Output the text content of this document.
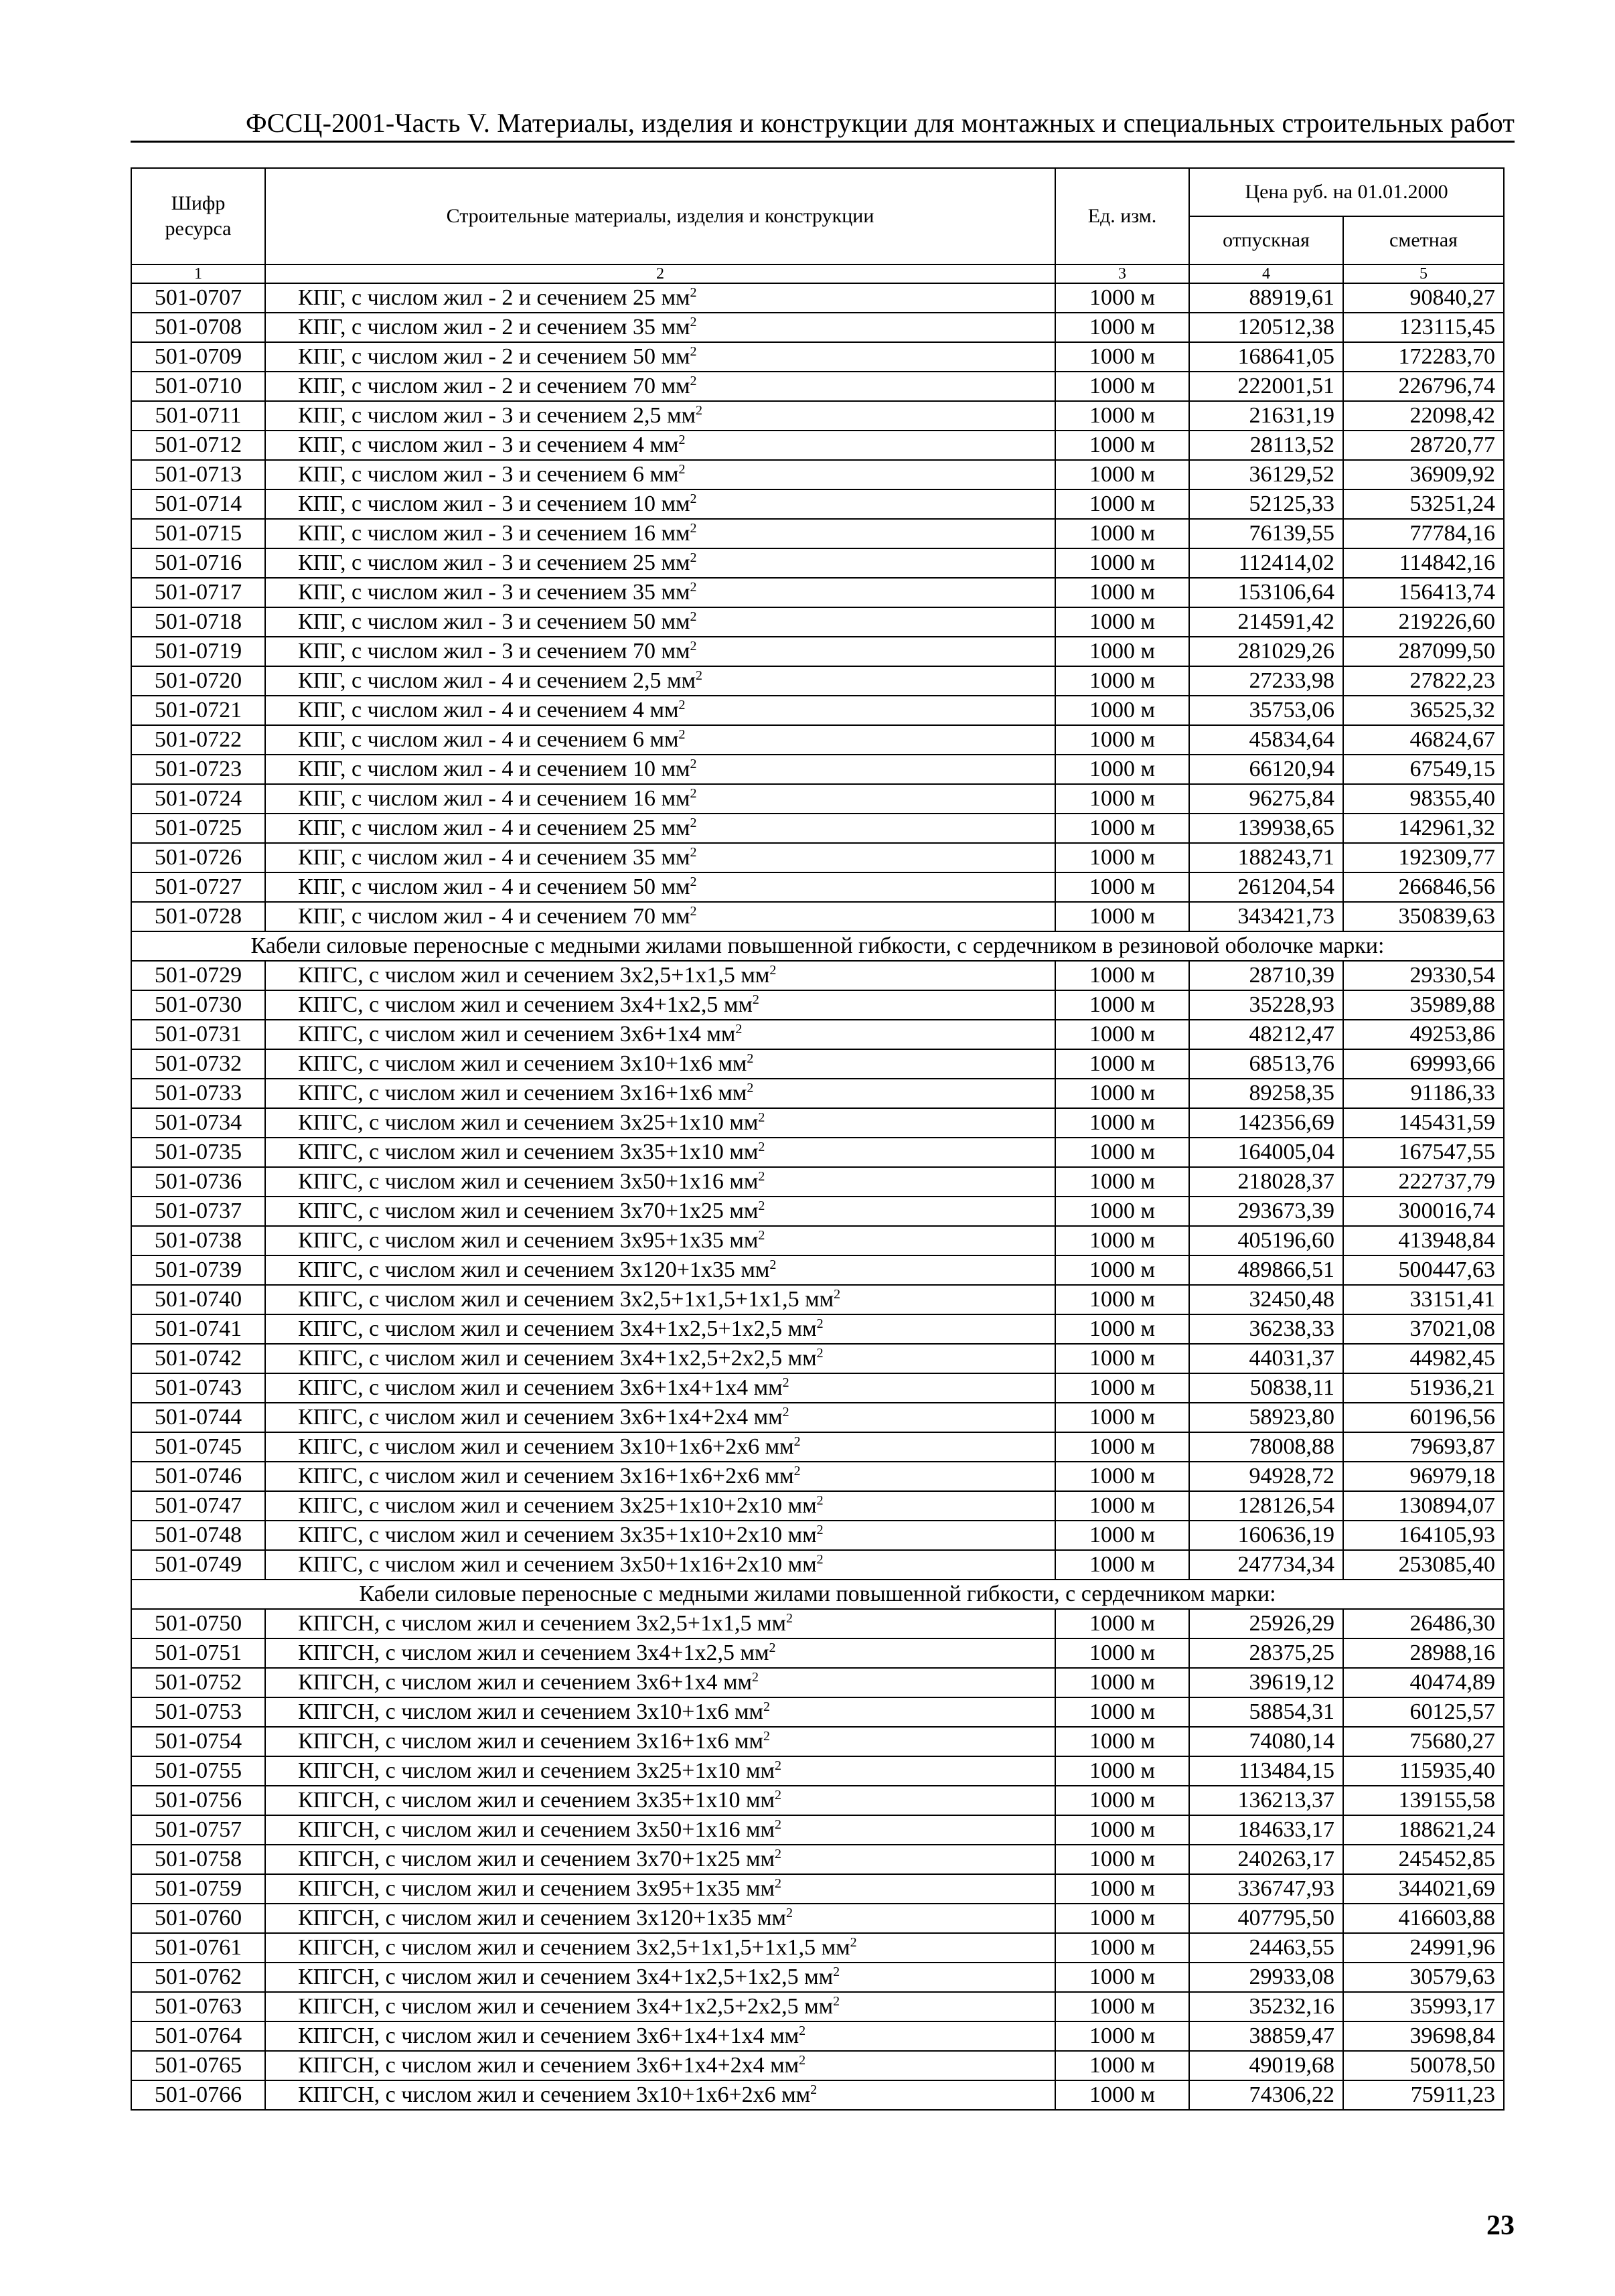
ФССЦ-2001-Часть V. Материалы, изделия и конструкции для монтажных и специальных строительных работ
Шифр ресурса	Строительные материалы, изделия и конструкции	Ед. изм.	Цена руб. на 01.01.2000	
			отпускная	сметная
1	2	3	4	5
501-0707	КПГ, с числом жил - 2 и сечением 25 $мм^2$	1000 м	88919,61	90840,27
501-0708	КПГ, с числом жил - 2 и сечением 35 $мм^2$	1000 м	120512,38	123115,45
501-0709	КПГ, с числом жил - 2 и сечением 50 $мм^2$	1000 м	168641,05	172283,70
501-0710	КПГ, с числом жил - 2 и сечением 70 $мм^2$	1000 м	222001,51	226796,74
501-0711	КПГ, с числом жил - 3 и сечением 2,5 $мм^2$	1000 м	21631,19	22098,42
501-0712	КПГ, с числом жил - 3 и сечением 4 $мм^2$	1000 м	28113,52	28720,77
501-0713	КПГ, с числом жил - 3 и сечением 6 $мм^2$	1000 м	36129,52	36909,92
501-0714	КПГ, с числом жил - 3 и сечением 10 $мм^2$	1000 м	52125,33	53251,24
501-0715	КПГ, с числом жил - 3 и сечением 16 $мм^2$	1000 м	76139,55	77784,16
501-0716	КПГ, с числом жил - 3 и сечением 25 $мм^2$	1000 м	112414,02	114842,16
501-0717	КПГ, с числом жил - 3 и сечением 35 $мм^2$	1000 м	153106,64	156413,74
501-0718	КПГ, с числом жил - 3 и сечением 50 $мм^2$	1000 м	214591,42	219226,60
501-0719	КПГ, с числом жил - 3 и сечением 70 $мм^2$	1000 м	281029,26	287099,50
501-0720	КПГ, с числом жил - 4 и сечением 2,5 $мм^2$	1000 м	27233,98	27822,23
501-0721	КПГ, с числом жил - 4 и сечением 4 $мм^2$	1000 м	35753,06	36525,32
501-0722	КПГ, с числом жил - 4 и сечением 6 $мм^2$	1000 м	45834,64	46824,67
501-0723	КПГ, с числом жил - 4 и сечением 10 $мм^2$	1000 м	66120,94	67549,15
501-0724	КПГ, с числом жил - 4 и сечением 16 $мм^2$	1000 м	96275,84	98355,40
501-0725	КПГ, с числом жил - 4 и сечением 25 $мм^2$	1000 м	139938,65	142961,32
501-0726	КПГ, с числом жил - 4 и сечением 35 $мм^2$	1000 м	188243,71	192309,77
501-0727	КПГ, с числом жил - 4 и сечением 50 $мм^2$	1000 м	261204,54	266846,56
501-0728	КПГ, с числом жил - 4 и сечением 70 $мм^2$	1000 м	343421,73	350839,63
Кабели силовые переносные с медными жилами повышенной гибкости, с сердечником в резиновой оболочке марки:				
501-0729	КПГС, с числом жил и сечением 3х2,5+1х1,5 $мм^2$	1000 м	28710,39	29330,54
501-0730	КПГС, с числом жил и сечением 3х4+1х2,5 $мм^2$	1000 м	35228,93	35989,88
501-0731	КПГС, с числом жил и сечением 3х6+1х4 $мм^2$	1000 м	48212,47	49253,86
501-0732	КПГС, с числом жил и сечением 3х10+1х6 $мм^2$	1000 м	68513,76	69993,66
501-0733	КПГС, с числом жил и сечением 3х16+1х6 $мм^2$	1000 м	89258,35	91186,33
501-0734	КПГС, с числом жил и сечением 3х25+1х10 $мм^2$	1000 м	142356,69	145431,59
501-0735	КПГС, с числом жил и сечением 3х35+1х10 $мм^2$	1000 м	164005,04	167547,55
501-0736	КПГС, с числом жил и сечением 3х50+1х16 $мм^2$	1000 м	218028,37	222737,79
501-0737	КПГС, с числом жил и сечением 3х70+1х25 $мм^2$	1000 м	293673,39	300016,74
501-0738	КПГС, с числом жил и сечением 3х95+1х35 $мм^2$	1000 м	405196,60	413948,84
501-0739	КПГС, с числом жил и сечением 3х120+1х35 $мм^2$	1000 м	489866,51	500447,63
501-0740	КПГС, с числом жил и сечением 3х2,5+1х1,5+1х1,5 $мм^2$	1000 м	32450,48	33151,41
501-0741	КПГС, с числом жил и сечением 3х4+1х2,5+1х2,5 $мм^2$	1000 м	36238,33	37021,08
501-0742	КПГС, с числом жил и сечением 3х4+1х2,5+2х2,5 $мм^2$	1000 м	44031,37	44982,45
501-0743	КПГС, с числом жил и сечением 3х6+1х4+1х4 $мм^2$	1000 м	50838,11	51936,21
501-0744	КПГС, с числом жил и сечением 3х6+1х4+2х4 $мм^2$	1000 м	58923,80	60196,56
501-0745	КПГС, с числом жил и сечением 3х10+1х6+2х6 $мм^2$	1000 м	78008,88	79693,87
501-0746	КПГС, с числом жил и сечением 3х16+1х6+2х6 $мм^2$	1000 м	94928,72	96979,18
501-0747	КПГС, с числом жил и сечением 3х25+1х10+2х10 $мм^2$	1000 м	128126,54	130894,07
501-0748	КПГС, с числом жил и сечением 3х35+1х10+2х10 $мм^2$	1000 м	160636,19	164105,93
501-0749	КПГС, с числом жил и сечением 3х50+1х16+2х10 $мм^2$	1000 м	247734,34	253085,40
Кабели силовые переносные с медными жилами повышенной гибкости, с сердечником марки:				
501-0750	КПГСН, с числом жил и сечением 3х2,5+1х1,5 $мм^2$	1000 м	25926,29	26486,30
501-0751	КПГСН, с числом жил и сечением 3х4+1х2,5 $мм^2$	1000 м	28375,25	28988,16
501-0752	КПГСН, с числом жил и сечением 3х6+1х4 $мм^2$	1000 м	39619,12	40474,89
501-0753	КПГСН, с числом жил и сечением 3х10+1х6 $мм^2$	1000 м	58854,31	60125,57
501-0754	КПГСН, с числом жил и сечением 3х16+1х6 $мм^2$	1000 м	74080,14	75680,27
501-0755	КПГСН, с числом жил и сечением 3х25+1х10 $мм^2$	1000 м	113484,15	115935,40
501-0756	КПГСН, с числом жил и сечением 3х35+1х10 $мм^2$	1000 м	136213,37	139155,58
501-0757	КПГСН, с числом жил и сечением 3х50+1х16 $мм^2$	1000 м	184633,17	188621,24
501-0758	КПГСН, с числом жил и сечением 3х70+1х25 $мм^2$	1000 м	240263,17	245452,85
501-0759	КПГСН, с числом жил и сечением 3х95+1х35 $мм^2$	1000 м	336747,93	344021,69
501-0760	КПГСН, с числом жил и сечением 3х120+1х35 $мм^2$	1000 м	407795,50	416603,88
501-0761	КПГСН, с числом жил и сечением 3х2,5+1х1,5+1х1,5 $мм^2$	1000 м	24463,55	24991,96
501-0762	КПГСН, с числом жил и сечением 3х4+1х2,5+1х2,5 $мм^2$	1000 м	29933,08	30579,63
501-0763	КПГСН, с числом жил и сечением 3х4+1х2,5+2х2,5 $мм^2$	1000 м	35232,16	35993,17
501-0764	КПГСН, с числом жил и сечением 3х6+1х4+1х4 $мм^2$	1000 м	38859,47	39698,84
501-0765	КПГСН, с числом жил и сечением 3х6+1х4+2х4 $мм^2$	1000 м	49019,68	50078,50
501-0766	КПГСН, с числом жил и сечением 3х10+1х6+2х6 $мм^2$	1000 м	74306,22	75911,23
23
